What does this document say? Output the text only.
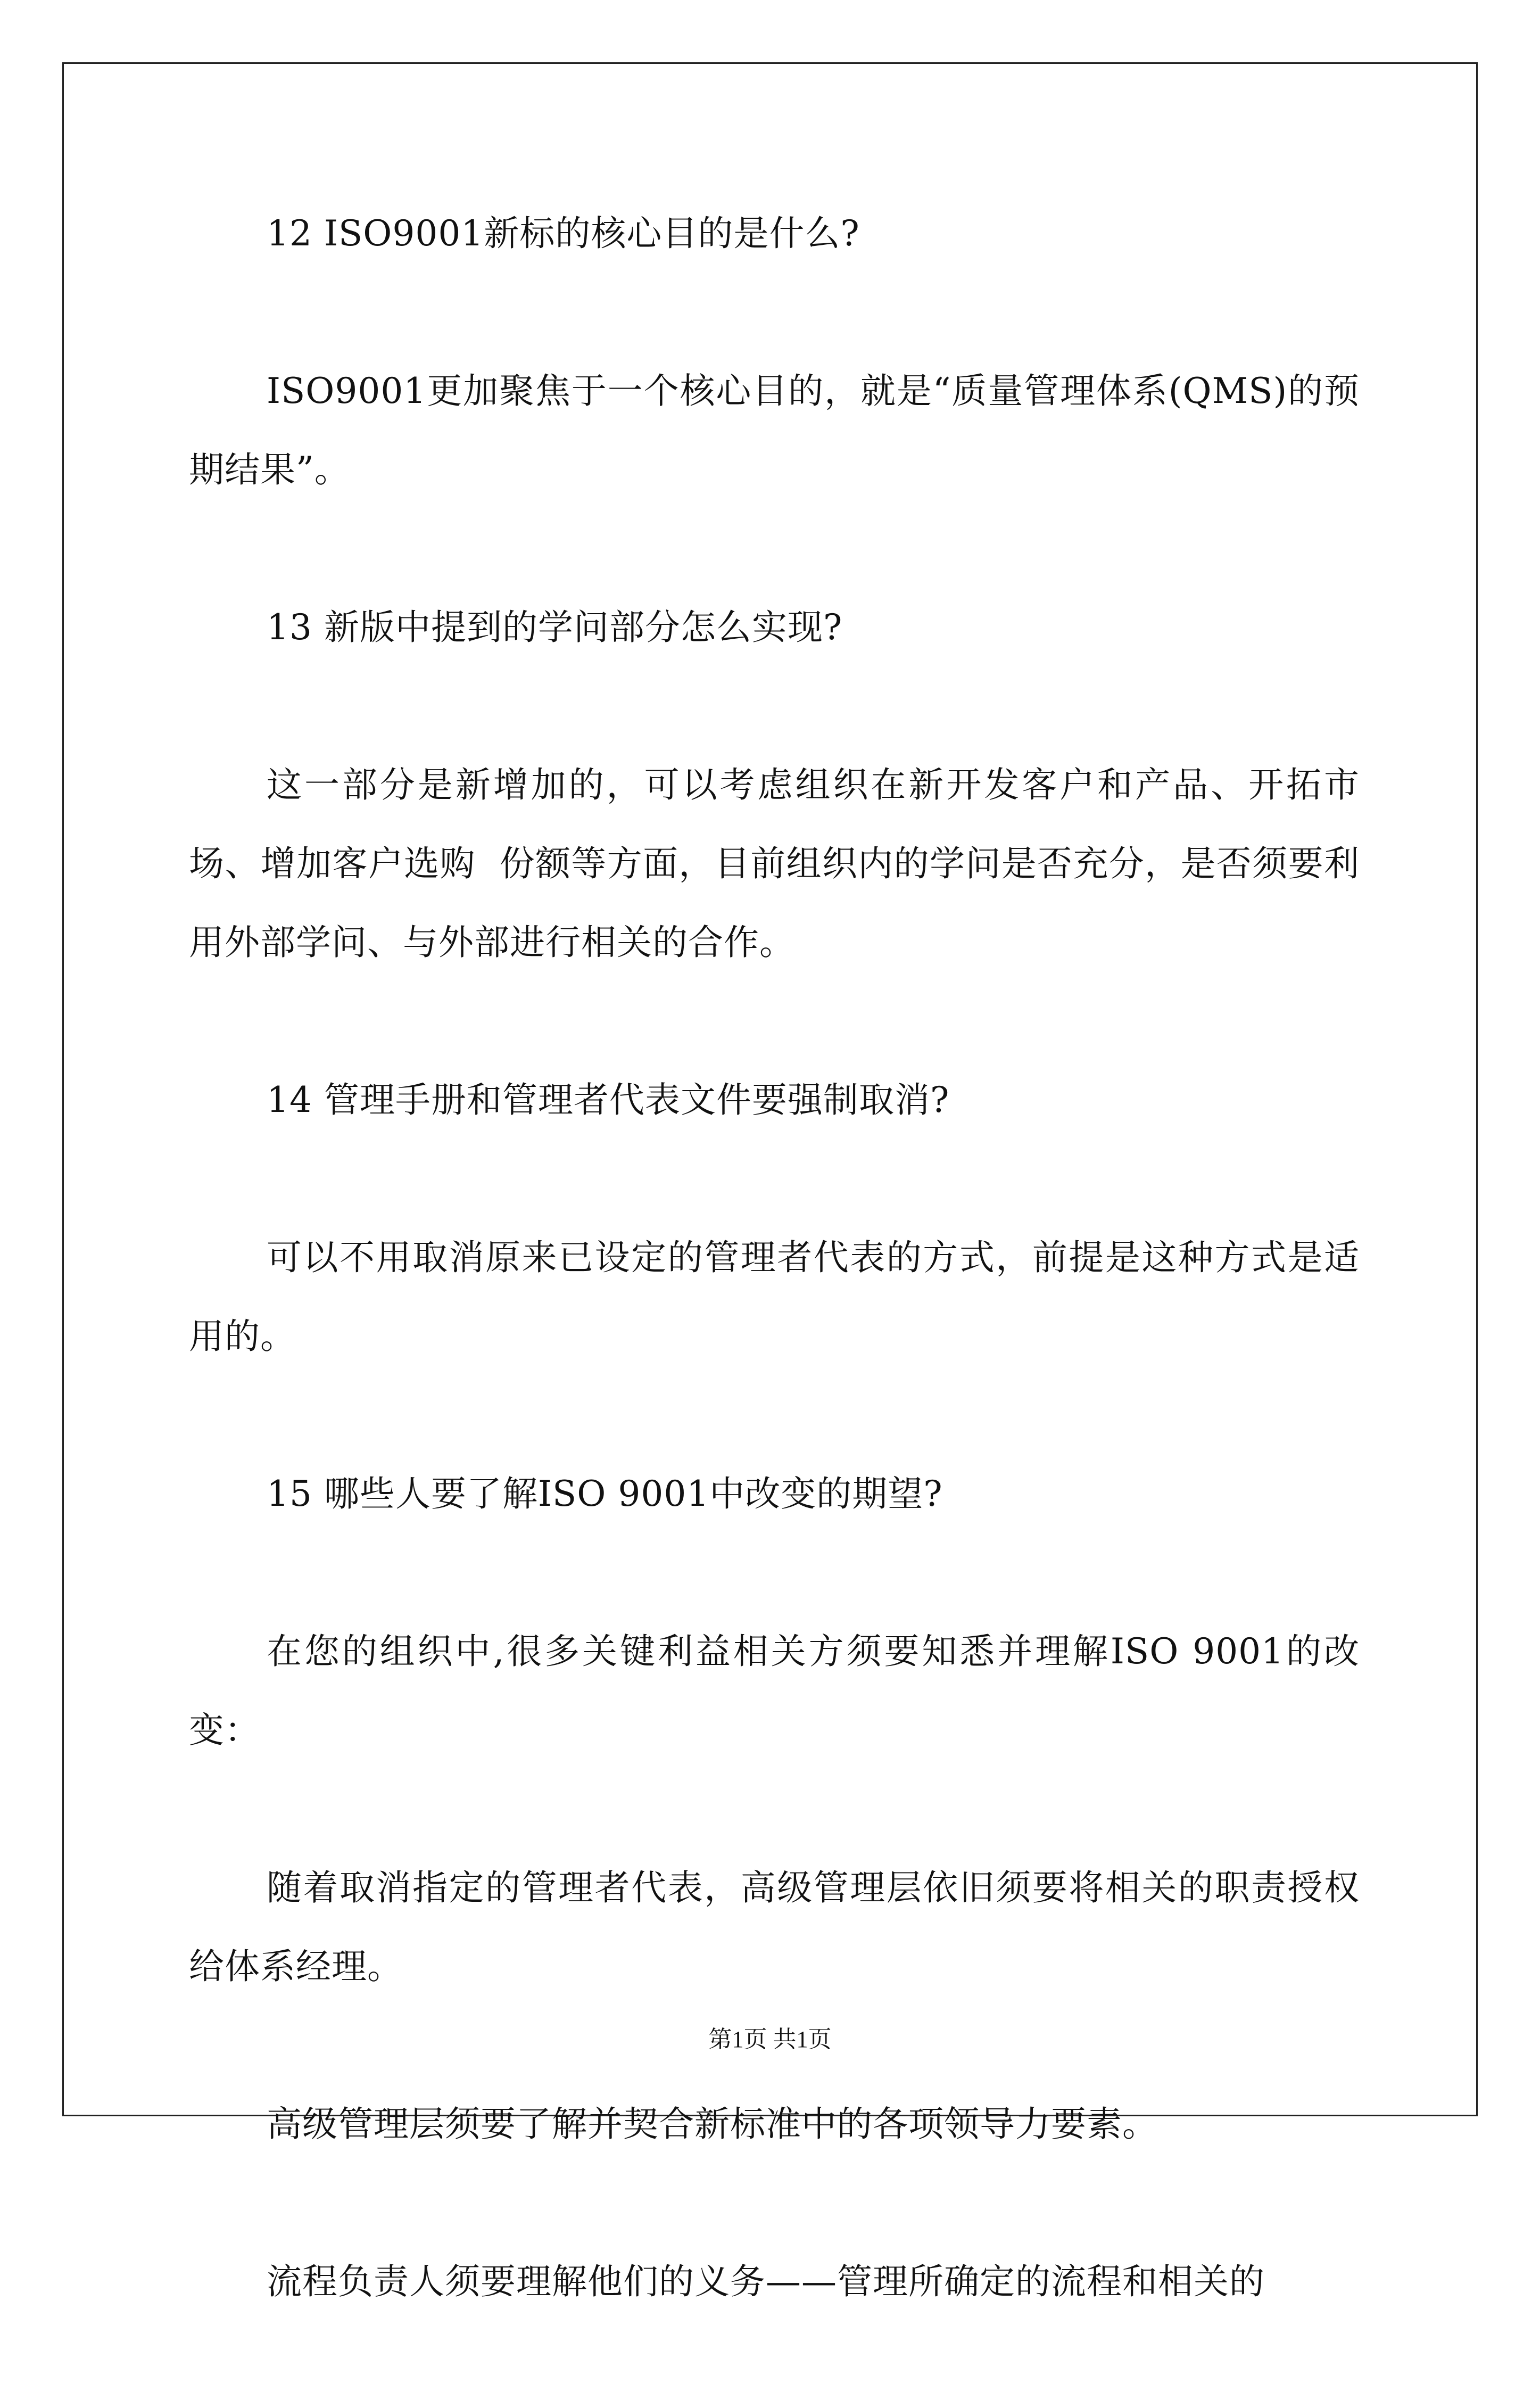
12 ISO9001新标的核心目的是什么?

ISO9001更加聚焦于一个核心目的，就是“质量管理体系(QMS)的预期结果”。

13 新版中提到的学问部分怎么实现?

这一部分是新增加的，可以考虑组织在新开发客户和产品、开拓市场、增加客户选购  份额等方面，目前组织内的学问是否充分，是否须要利用外部学问、与外部进行相关的合作。

14 管理手册和管理者代表文件要强制取消?

可以不用取消原来已设定的管理者代表的方式，前提是这种方式是适用的。

15 哪些人要了解ISO 9001中改变的期望?

在您的组织中,很多关键利益相关方须要知悉并理解ISO 9001的改变：

随着取消指定的管理者代表，高级管理层依旧须要将相关的职责授权给体系经理。

高级管理层须要了解并契合新标准中的各项领导力要素。

流程负责人须要理解他们的义务——管理所确定的流程和相关的

第1页 共1页
